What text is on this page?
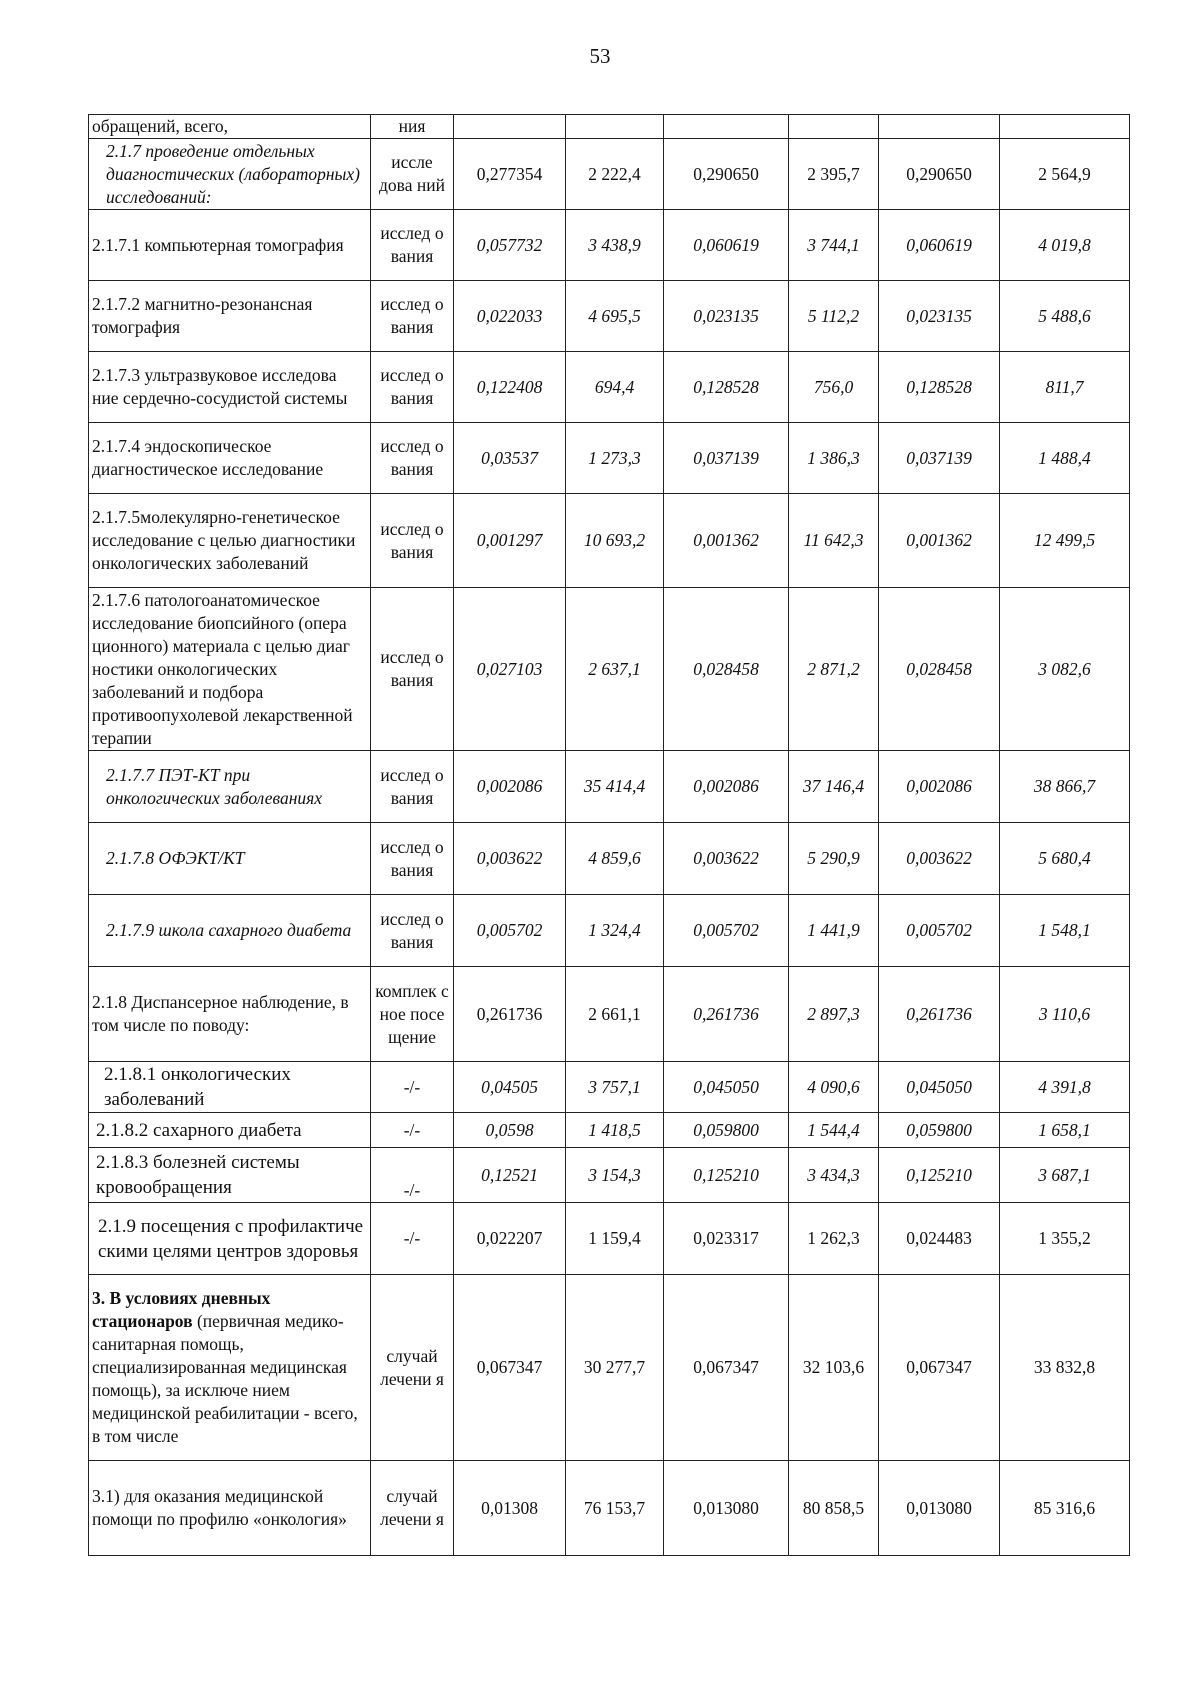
53
обращений, всего,	ния						

2.1.7 проведение отдельных диагностических (лабораторных) исследований:	иссле дова ний	0,277354	2 222,4	0,290650	2 395,7	0,290650	2 564,9
2.1.7.1 компьютерная томография	исслед о вания	0,057732	3 438,9	0,060619	3 744,1	0,060619	4 019,8
2.1.7.2 магнитно-резонансная томография	исслед о вания	0,022033	4 695,5	0,023135	5 112,2	0,023135	5 488,6
2.1.7.3 ультразвуковое исследова ние сердечно-сосудистой системы	исслед о вания	0,122408	694,4	0,128528	756,0	0,128528	811,7
2.1.7.4 эндоскопическое диагностическое исследование	исслед о вания	0,03537	1 273,3	0,037139	1 386,3	0,037139	1 488,4
2.1.7.5молекулярно-генетическое исследование с целью диагностики онкологических заболеваний	исслед о вания	0,001297	10 693,2	0,001362	11 642,3	0,001362	12 499,5
2.1.7.6 патологоанатомическое исследование биопсийного (опера ционного) материала с целью диаг ностики онкологических заболеваний и подбора противоопухолевой лекарственной терапии	исслед о вания	0,027103	2 637,1	0,028458	2 871,2	0,028458	3 082,6

2.1.7.7 ПЭТ-КТ при онкологических заболеваниях	исслед о вания	0,002086	35 414,4	0,002086	37 146,4	0,002086	38 866,7

2.1.7.8 ОФЭКТ/КТ	исслед о вания	0,003622	4 859,6	0,003622	5 290,9	0,003622	5 680,4

2.1.7.9 школа сахарного диабета	исслед о вания	0,005702	1 324,4	0,005702	1 441,9	0,005702	1 548,1
2.1.8 Диспансерное наблюдение, в том числе по поводу:	комплек с ное посе щение	0,261736	2 661,1	0,261736	2 897,3	0,261736	3 110,6

2.1.8.1 онкологических заболеваний	-/-	0,04505	3 757,1	0,045050	4 090,6	0,045050	4 391,8

2.1.8.2 сахарного диабета	-/-	0,0598	1 418,5	0,059800	1 544,4	0,059800	1 658,1

2.1.8.3 болезней системы кровообращения	-/-	0,12521	3 154,3	0,125210	3 434,3	0,125210	3 687,1

2.1.9 посещения с профилактиче скими целями центров здоровья	-/-	0,022207	1 159,4	0,023317	1 262,3	0,024483	1 355,2
3. В условиях дневных стационаров (первичная медико-санитарная помощь, специализированная медицинская помощь), за исключе нием медицинской реабилитации - всего, в том числе	случай лечени я	0,067347	30 277,7	0,067347	32 103,6	0,067347	33 832,8
3.1) для оказания медицинской помощи по профилю «онкология»	случай лечени я	0,01308	76 153,7	0,013080	80 858,5	0,013080	85 316,6
